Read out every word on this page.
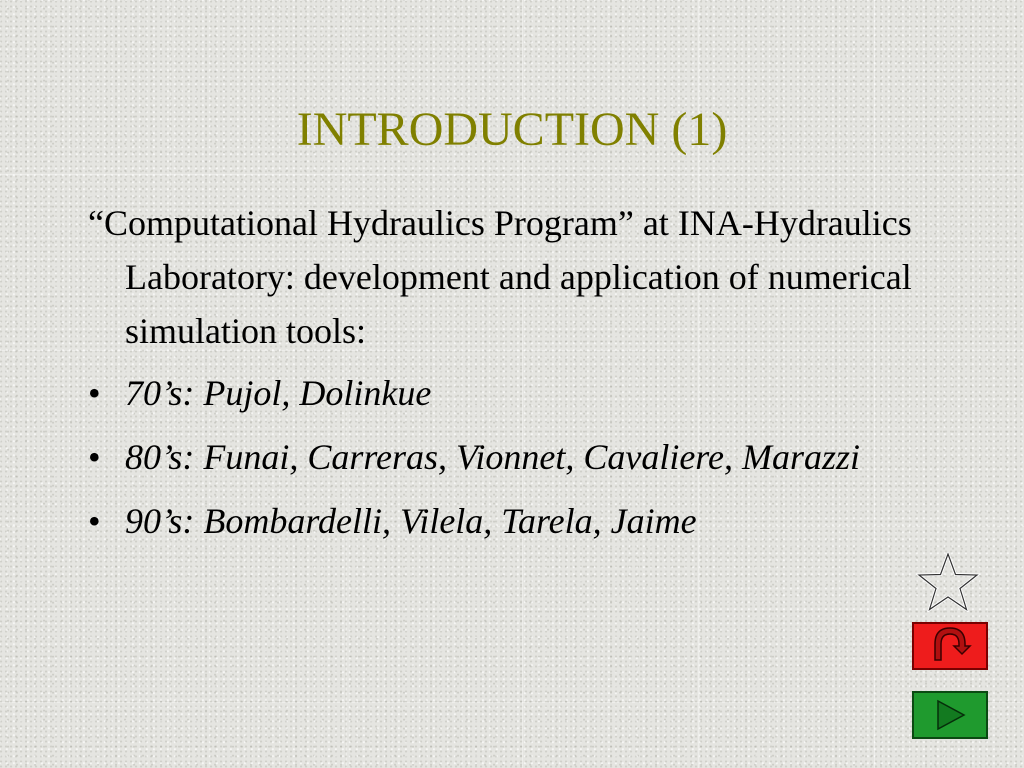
INTRODUCTION (1)

“Computational Hydraulics Program” at INA-Hydraulics Laboratory: development and application of numerical simulation tools:

• 70’s: Pujol, Dolinkue
• 80’s: Funai, Carreras, Vionnet, Cavaliere, Marazzi
• 90’s: Bombardelli, Vilela, Tarela, Jaime
